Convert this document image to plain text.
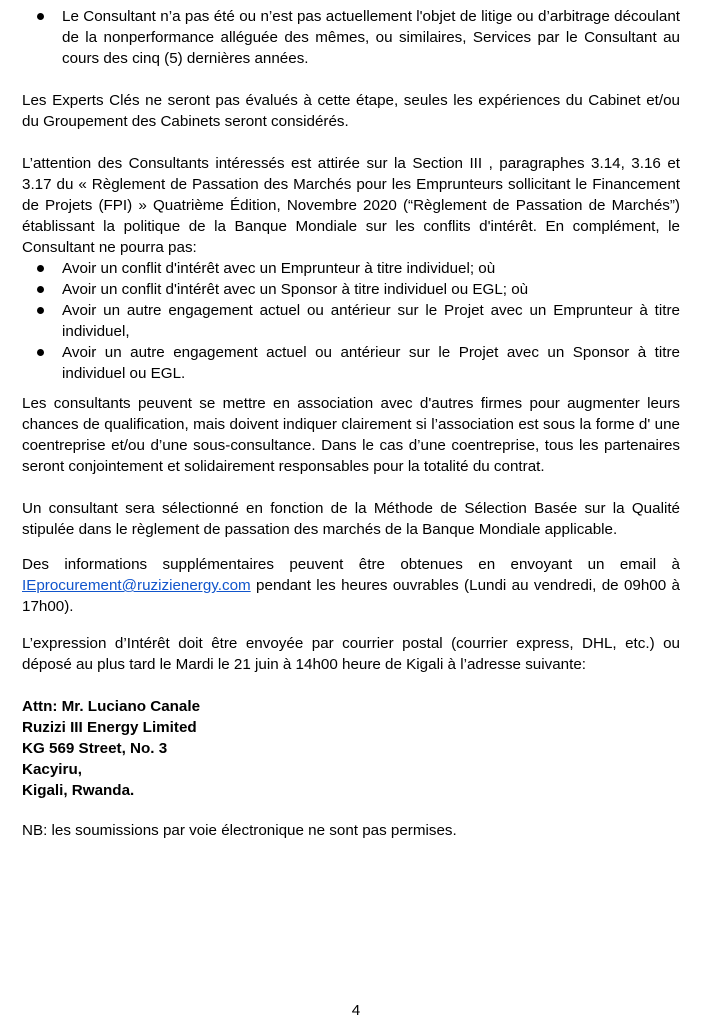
Le Consultant n’a pas été ou n’est pas actuellement l'objet de litige ou d’arbitrage découlant de la nonperformance alléguée des mêmes, ou similaires, Services par le Consultant au cours des cinq (5) dernières années.

Les Experts Clés ne seront pas évalués à cette étape, seules les expériences du Cabinet et/ou du Groupement des Cabinets seront considérés.

L’attention des Consultants intéressés est attirée sur la Section III , paragraphes 3.14, 3.16 et 3.17 du « Règlement de Passation des Marchés pour les Emprunteurs sollicitant le Financement de Projets (FPI) » Quatrième Édition, Novembre 2020 (“Règlement de Passation de Marchés”) établissant la politique de la Banque Mondiale sur les conflits d'intérêt. En complément, le Consultant ne pourra pas:

Avoir un conflit d'intérêt avec un Emprunteur à titre individuel; où
Avoir un conflit d'intérêt avec un Sponsor à titre individuel ou EGL; où
Avoir un autre engagement actuel ou antérieur sur le Projet avec un Emprunteur à titre individuel,
Avoir un autre engagement actuel ou antérieur sur le Projet avec un Sponsor à titre individuel ou EGL.

Les consultants peuvent se mettre en association avec d'autres firmes pour augmenter leurs chances de qualification, mais doivent indiquer clairement si l’association est sous la forme d' une coentreprise et/ou d’une sous-consultance. Dans le cas d’une coentreprise, tous les partenaires seront conjointement et solidairement responsables pour la totalité du contrat.

Un consultant sera sélectionné en fonction de la Méthode de Sélection Basée sur la Qualité stipulée dans le règlement de passation des marchés de la Banque Mondiale applicable.

Des informations supplémentaires peuvent être obtenues en envoyant un email à IEprocurement@ruzizienergy.com pendant les heures ouvrables (Lundi au vendredi, de 09h00 à 17h00).

L’expression d’Intérêt doit être envoyée par courrier postal (courrier express, DHL, etc.) ou déposé au plus tard le Mardi le 21 juin à 14h00 heure de Kigali à l’adresse suivante:

Attn: Mr. Luciano Canale
Ruzizi III Energy Limited
KG 569 Street, No. 3
Kacyiru,
Kigali, Rwanda.

NB: les soumissions par voie électronique ne sont pas permises.

4
